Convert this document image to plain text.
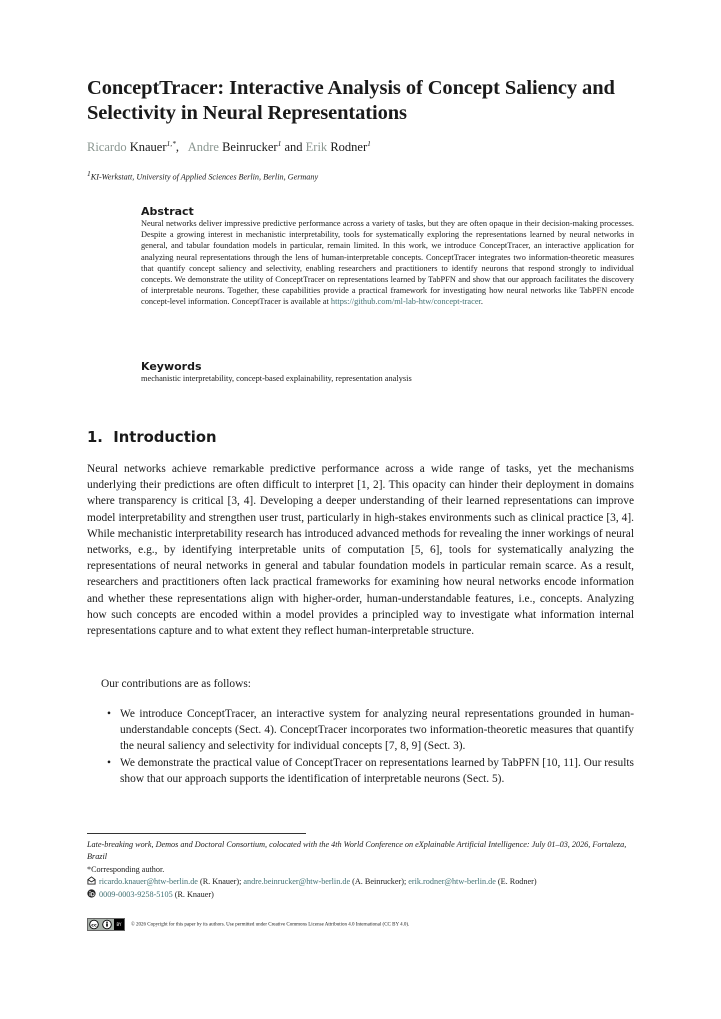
ConceptTracer: Interactive Analysis of Concept Saliency and Selectivity in Neural Representations
Ricardo Knauer$^{1,*}$, Andre Beinrucker$^1$ and Erik Rodner$^1$
$^1$KI-Werkstatt, University of Applied Sciences Berlin, Berlin, Germany
Abstract

Neural networks deliver impressive predictive performance across a variety of tasks, but they are often opaque in their decision-making processes. Despite a growing interest in mechanistic interpretability, tools for systematically exploring the representations learned by neural networks in general, and tabular foundation models in particular, remain limited. In this work, we introduce ConceptTracer, an interactive application for analyzing neural representations through the lens of human-interpretable concepts. ConceptTracer integrates two information-theoretic measures that quantify concept saliency and selectivity, enabling researchers and practitioners to identify neurons that respond strongly to individual concepts. We demonstrate the utility of ConceptTracer on representations learned by TabPFN and show that our approach facilitates the discovery of interpretable neurons. Together, these capabilities provide a practical framework for investigating how neural networks like TabPFN encode concept-level information. ConceptTracer is available at https://github.com/ml-lab-htw/concept-tracer.

Keywords

mechanistic interpretability, concept-based explainability, representation analysis

1. Introduction

Neural networks achieve remarkable predictive performance across a wide range of tasks, yet the mechanisms underlying their predictions are often difficult to interpret [1, 2]. This opacity can hinder their deployment in domains where transparency is critical [3, 4]. Developing a deeper understanding of their learned representations can improve model interpretability and strengthen user trust, particularly in high-stakes environments such as clinical practice [3, 4]. While mechanistic interpretability research has introduced advanced methods for revealing the inner workings of neural networks, e.g., by identifying interpretable units of computation [5, 6], tools for systematically analyzing the representations of neural networks in general and tabular foundation models in particular remain scarce. As a result, researchers and practitioners often lack practical frameworks for examining how neural networks encode information and whether these representations align with higher-order, human-understandable features, i.e., concepts. Analyzing how such concepts are encoded within a model provides a principled way to investigate what information internal representations capture and to what extent they reflect human-interpretable structure.

Our contributions are as follows:
• We introduce ConceptTracer, an interactive system for analyzing neural representations grounded in human-understandable concepts (Sect. 4). ConceptTracer incorporates two information-theoretic measures that quantify the neural saliency and selectivity for individual concepts [7, 8, 9] (Sect. 3).
• We demonstrate the practical value of ConceptTracer on representations learned by TabPFN [10, 11]. Our results show that our approach supports the identification of interpretable neurons (Sect. 5).

Late-breaking work, Demos and Doctoral Consortium, colocated with the 4th World Conference on eXplainable Artificial Intelligence: July 01–03, 2026, Fortaleza, Brazil

*Corresponding author.

ricardo.knauer@htw-berlin.de (R. Knauer); andre.beinrucker@htw-berlin.de (A. Beinrucker); erik.rodner@htw-berlin.de (E. Rodner)

0009-0003-9258-5105 (R. Knauer)

cc	BY	© 2026 Copyright for this paper by its authors. Use permitted under Creative Commons License Attribution 4.0 International (CC BY 4.0).
